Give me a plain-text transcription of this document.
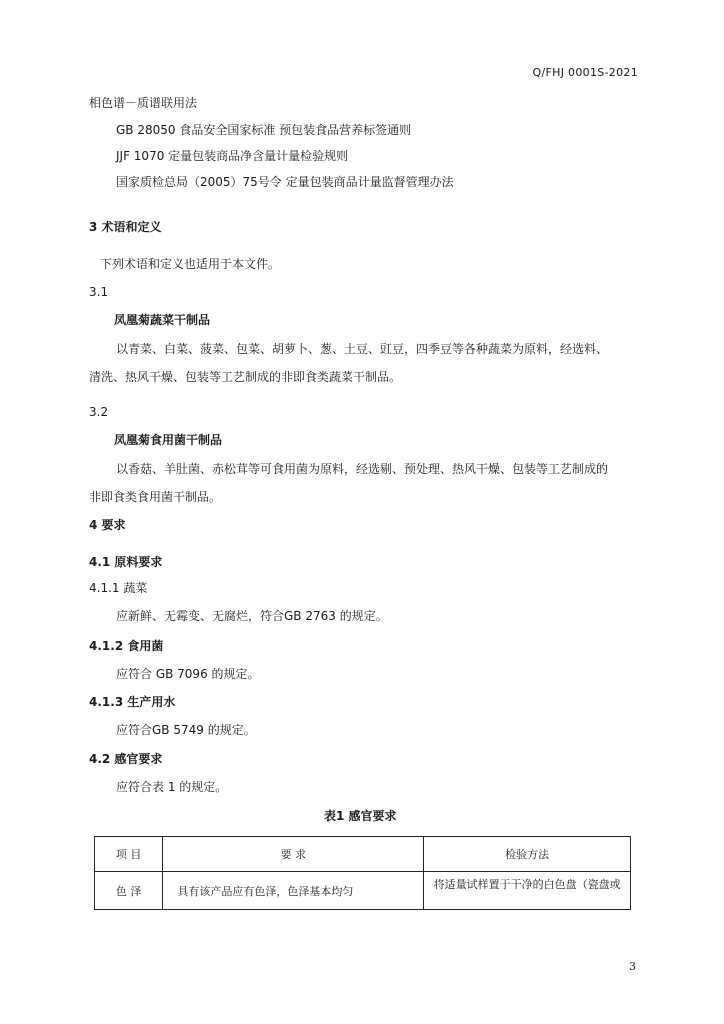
Q/FHJ 0001S-2021
相色谱－质谱联用法
GB 28050 食品安全国家标准 预包装食品营养标签通则
JJF 1070 定量包装商品净含量计量检验规则
国家质检总局（2005）75号令 定量包装商品计量监督管理办法
3 术语和定义
下列术语和定义也适用于本文件。
3.1
凤凰菊蔬菜干制品
以青菜、白菜、菠菜、包菜、胡萝卜、葱、土豆、豇豆，四季豆等各种蔬菜为原料，经选料、
清洗、热风干燥、包装等工艺制成的非即食类蔬菜干制品。
3.2
凤凰菊食用菌干制品
以香菇、羊肚菌、赤松茸等可食用菌为原料，经选剔、预处理、热风干燥、包装等工艺制成的
非即食类食用菌干制品。
4 要求
4.1 原料要求
4.1.1 蔬菜
应新鲜、无霉变、无腐烂，符合GB 2763 的规定。
4.1.2 食用菌
应符合 GB 7096 的规定。
4.1.3 生产用水
应符合GB 5749 的规定。
4.2 感官要求
应符合表 1 的规定。
表1 感官要求
项 目	要 求	检验方法
色 泽	具有该产品应有色泽，色泽基本均匀	将适量试样置于干净的白色盘（瓷盘或
3
